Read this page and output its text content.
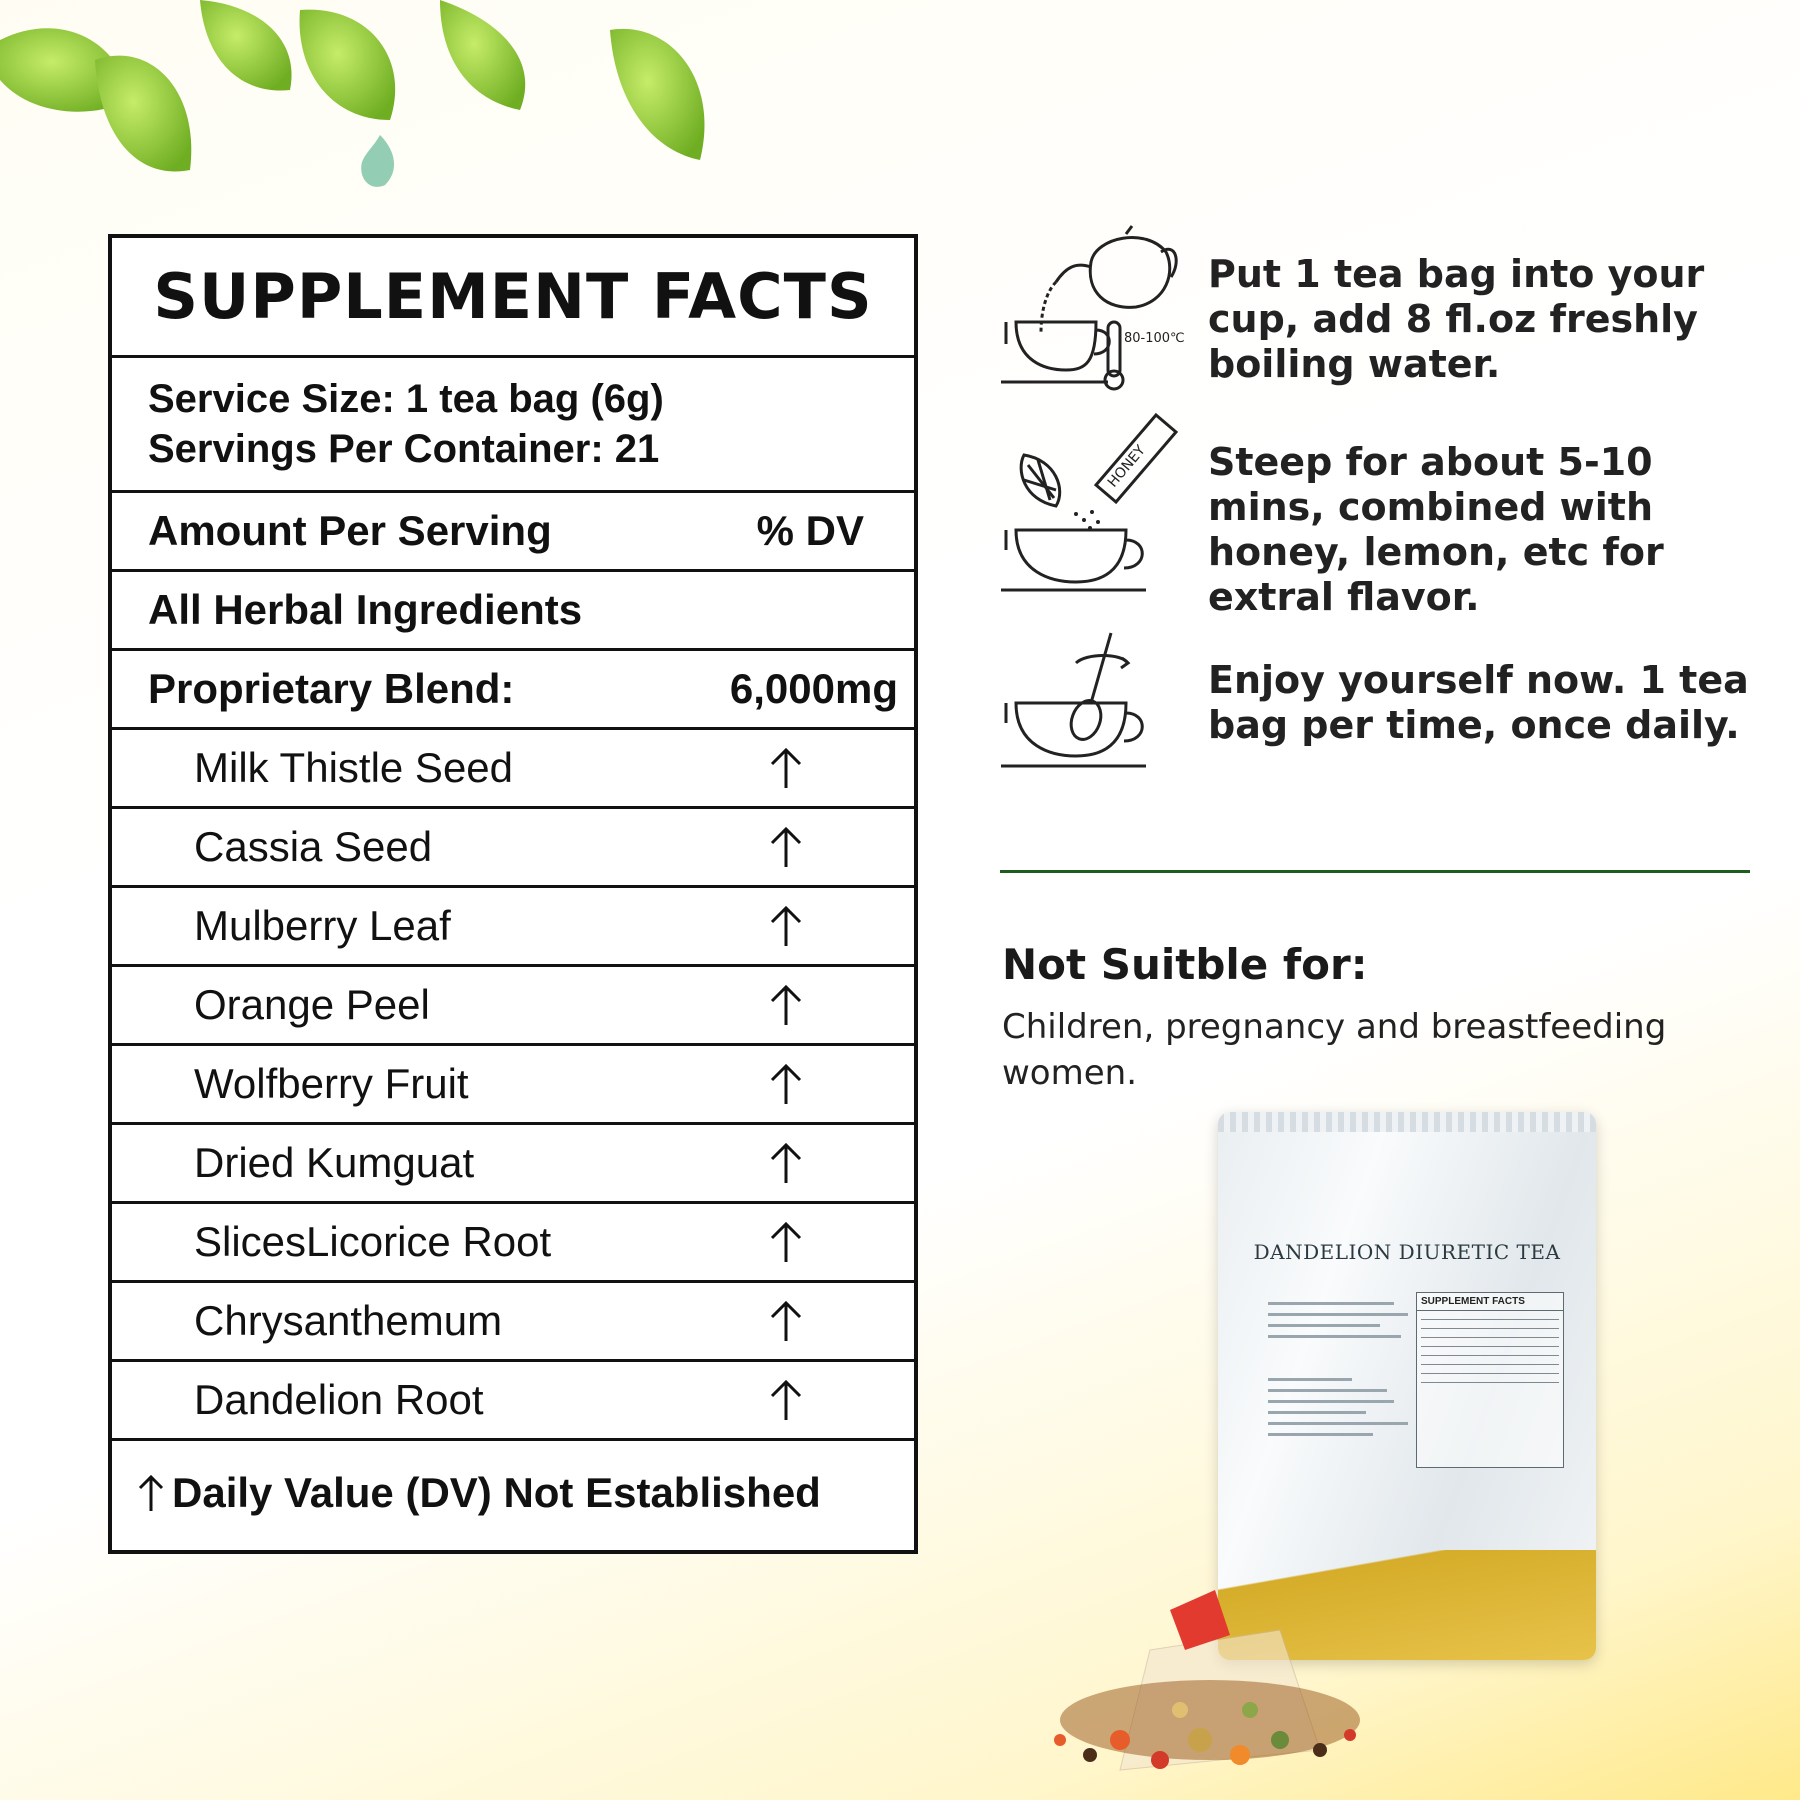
SUPPLEMENT FACTS
Service Size: 1 tea bag (6g)
Servings Per Container: 21
Amount Per Serving	% DV
All Herbal Ingredients
Proprietary Blend:	6,000mg
Milk Thistle Seed
Cassia Seed
Mulberry Leaf
Orange Peel
Wolfberry Fruit
Dried Kumguat
SlicesLicorice Root
Chrysanthemum
Dandelion Root
Daily Value (DV) Not Established
80-100℃
Put 1 tea bag into your cup, add 8 fl.oz freshly boiling water.
HONEY Steep for about 5-10 mins, combined with honey, lemon, etc for extral flavor.
Enjoy yourself now. 1 tea bag per time, once daily.
Not Suitble for:
Children, pregnancy and breastfeeding women.
DANDELION DIURETIC TEA
SUPPLEMENT FACTS
